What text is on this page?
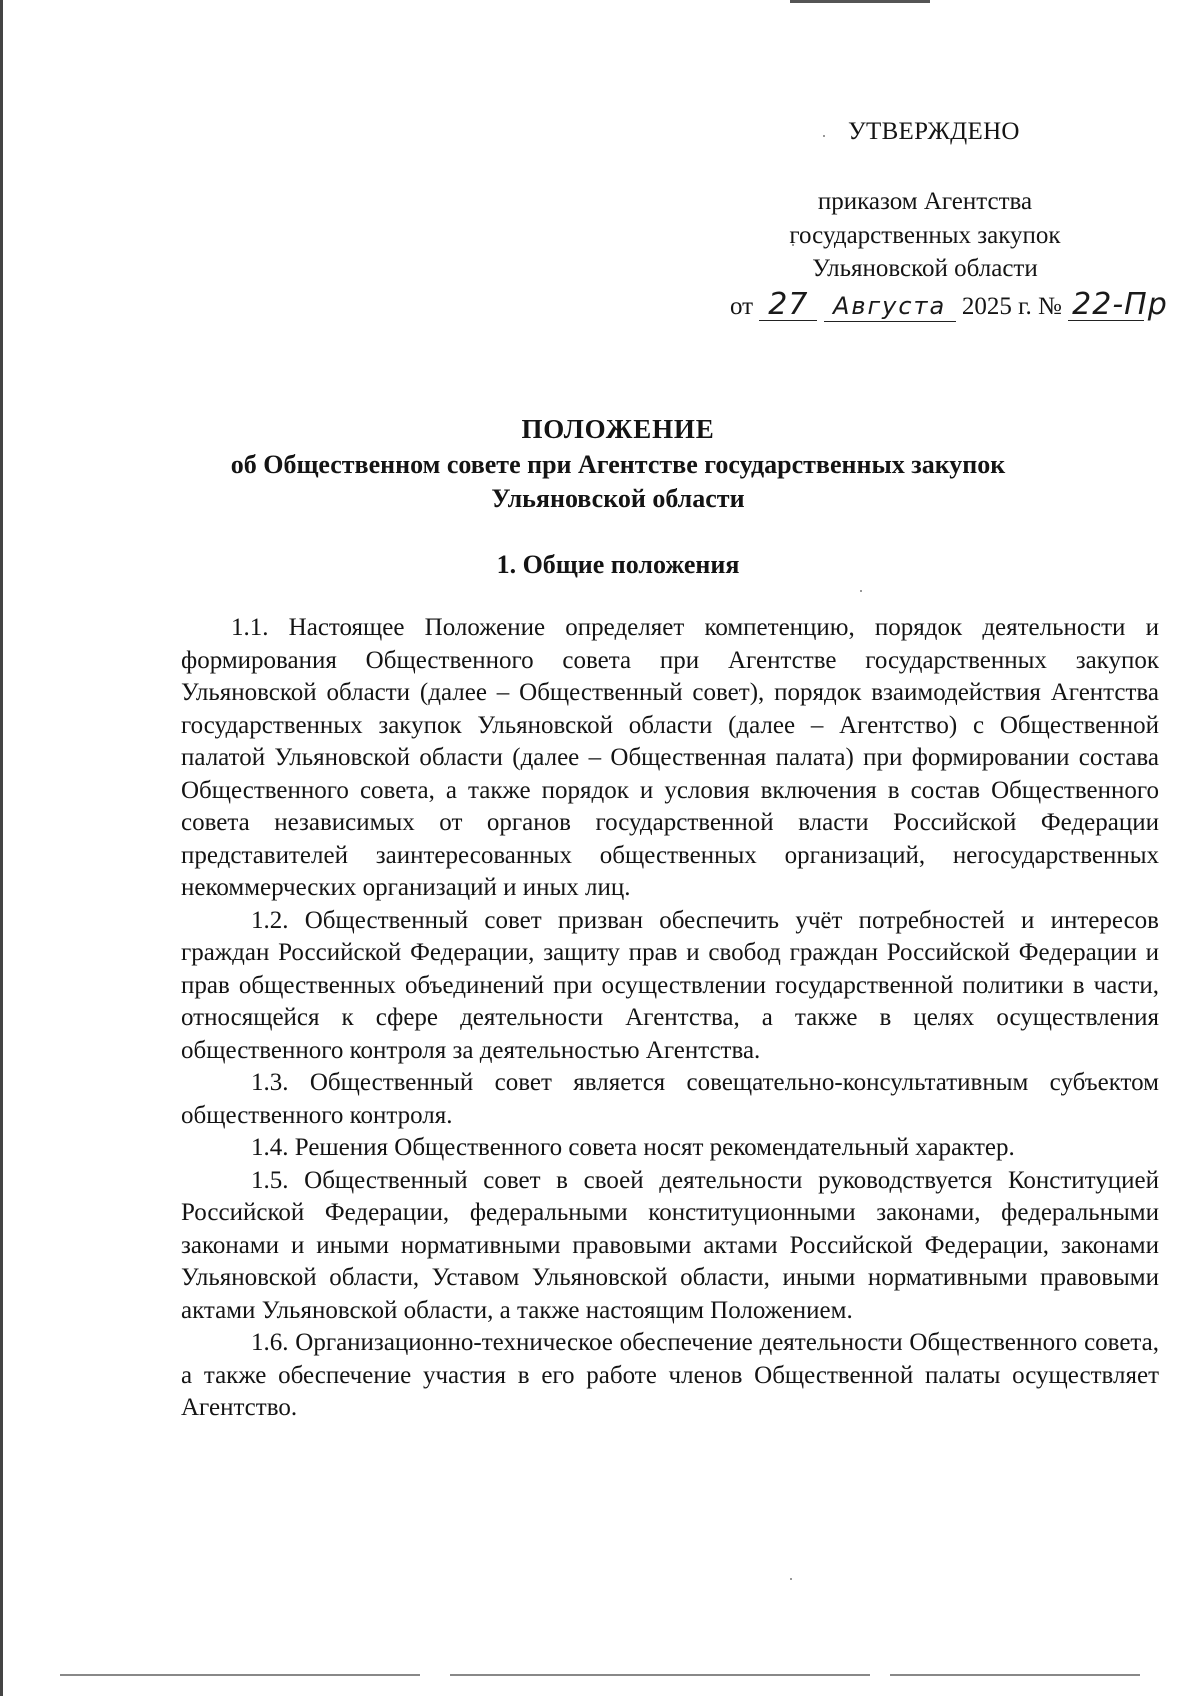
УТВЕРЖДЕНО
приказом Агентства
государственных закупок
Ульяновской области
от 27 Августа 2025 г. № 22-Пр
ПОЛОЖЕНИЕ
об Общественном совете при Агентстве государственных закупок
Ульяновской области
1. Общие положения

1.1. Настоящее Положение определяет компетенцию, порядок деятельности и формирования Общественного совета при Агентстве государственных закупок Ульяновской области (далее – Общественный совет), порядок взаимодействия Агентства государственных закупок Ульяновской области (далее – Агентство) с Общественной палатой Ульяновской области (далее – Общественная палата) при формировании состава Общественного совета, а также порядок и условия включения в состав Общественного совета независимых от органов государственной власти Российской Федерации представителей заинтересованных общественных организаций, негосударственных некоммерческих организаций и иных лиц.

1.2. Общественный совет призван обеспечить учёт потребностей и интересов граждан Российской Федерации, защиту прав и свобод граждан Российской Федерации и прав общественных объединений при осуществлении государственной политики в части, относящейся к сфере деятельности Агентства, а также в целях осуществления общественного контроля за деятельностью Агентства.

1.3. Общественный совет является совещательно-консультативным субъектом общественного контроля.

1.4. Решения Общественного совета носят рекомендательный характер.

1.5. Общественный совет в своей деятельности руководствуется Конституцией Российской Федерации, федеральными конституционными законами, федеральными законами и иными нормативными правовыми актами Российской Федерации, законами Ульяновской области, Уставом Ульяновской области, иными нормативными правовыми актами Ульяновской области, а также настоящим Положением.

1.6. Организационно-техническое обеспечение деятельности Общественного совета, а также обеспечение участия в его работе членов Общественной палаты осуществляет Агентство.
